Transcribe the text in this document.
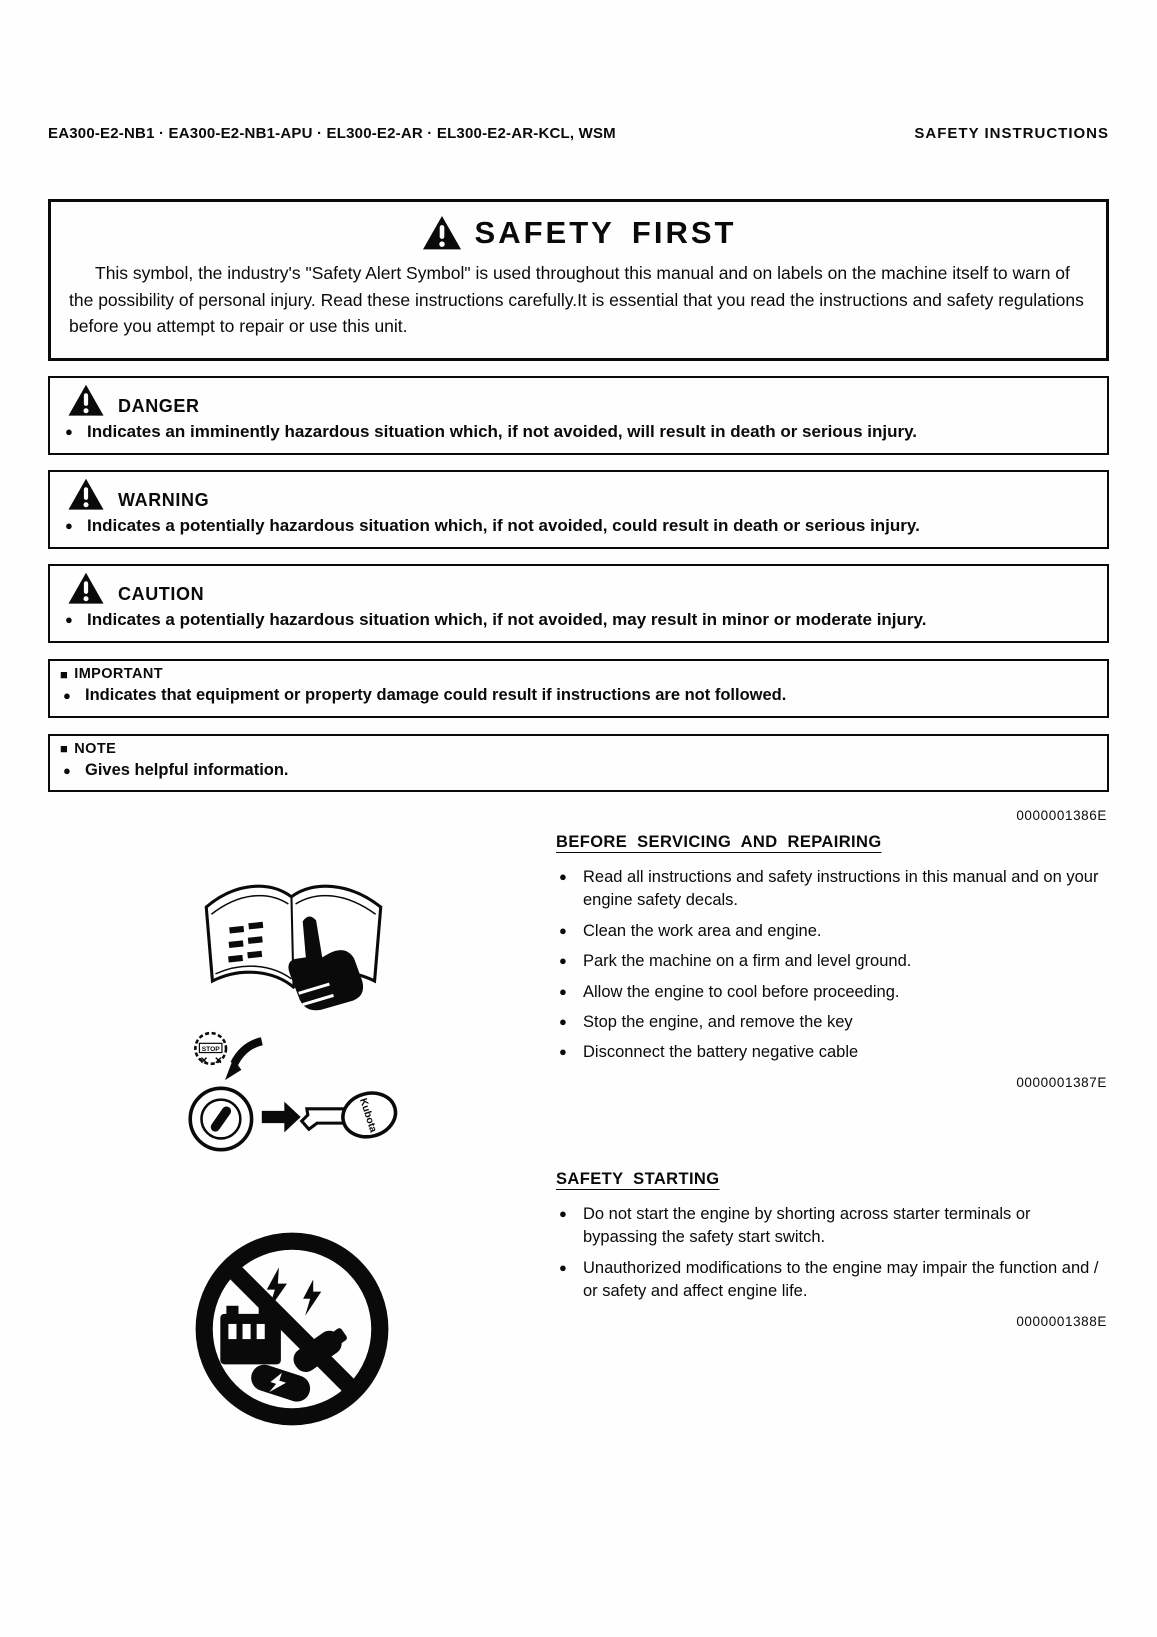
EA300-E2-NB1 · EA300-E2-NB1-APU · EL300-E2-AR · EL300-E2-AR-KCL, WSM	SAFETY INSTRUCTIONS
SAFETY FIRST

This symbol, the industry's "Safety Alert Symbol" is used throughout this manual and on labels on the machine itself to warn of the possibility of personal injury. Read these instructions carefully.It is essential that you read the instructions and safety regulations before you attempt to repair or use this unit.

DANGER
● Indicates an imminently hazardous situation which, if not avoided, will result in death or serious injury.
WARNING
● Indicates a potentially hazardous situation which, if not avoided, could result in death or serious injury.
CAUTION
● Indicates a potentially hazardous situation which, if not avoided, may result in minor or moderate injury.
■ IMPORTANT
● Indicates that equipment or property damage could result if instructions are not followed.
■ NOTE
● Gives helpful information.
STOP
Kubota
0000001386E
BEFORE SERVICING AND REPAIRING
● Read all instructions and safety instructions in this manual and on your engine safety decals.
● Clean the work area and engine.
● Park the machine on a firm and level ground.
● Allow the engine to cool before proceeding.
● Stop the engine, and remove the key
● Disconnect the battery negative cable
0000001387E
SAFETY STARTING
● Do not start the engine by shorting across starter terminals or bypassing the safety start switch.
● Unauthorized modifications to the engine may impair the function and / or safety and affect engine life.
0000001388E
